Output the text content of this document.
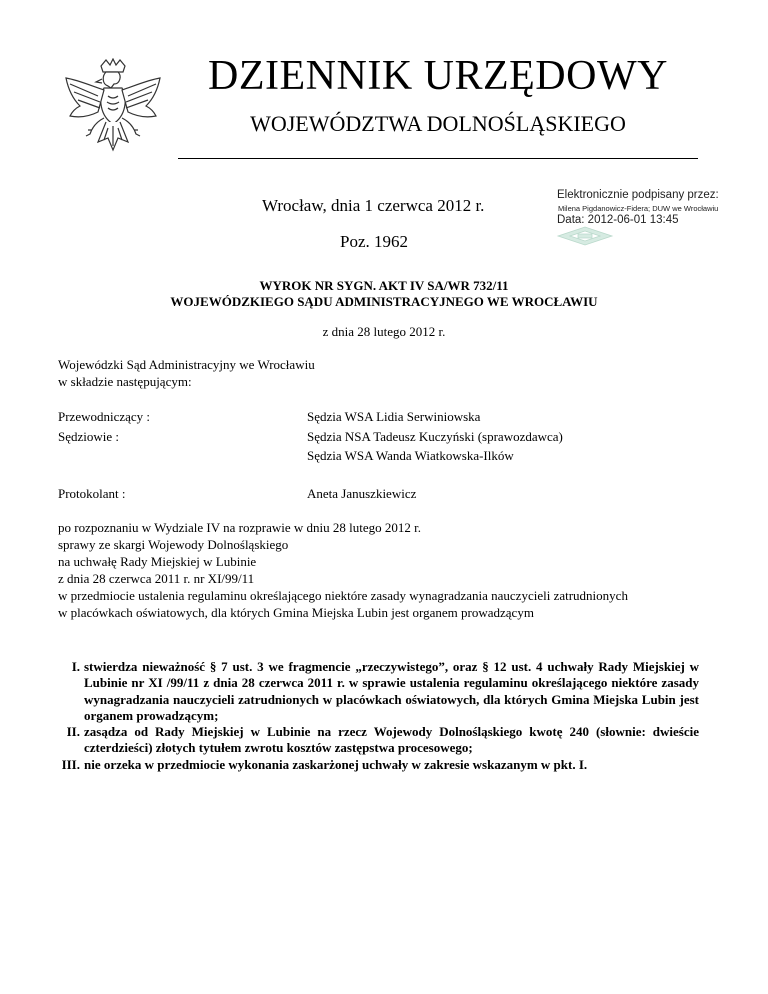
DZIENNIK URZĘDOWY
WOJEWÓDZTWA DOLNOŚLĄSKIEGO
Wrocław, dnia 1 czerwca 2012 r.
Poz. 1962
Elektronicznie podpisany przez:
Milena Pigdanowicz-Fidera; DUW we Wrocławiu
Data: 2012-06-01 13:45
WYROK NR SYGN. AKT IV SA/WR 732/11
WOJEWÓDZKIEGO SĄDU ADMINISTRACYJNEGO WE WROCŁAWIU
z dnia 28 lutego 2012 r.
Wojewódzki Sąd Administracyjny we Wrocławiu
w składzie następującym:
Przewodniczący :	Sędzia WSA Lidia Serwiniowska
Sędziowie :	Sędzia NSA Tadeusz Kuczyński (sprawozdawca)
Sędzia WSA Wanda Wiatkowska-Ilków
Protokolant :	Aneta Januszkiewicz
po rozpoznaniu w Wydziale IV na rozprawie w dniu 28 lutego 2012 r.
sprawy ze skargi Wojewody Dolnośląskiego
na uchwałę Rady Miejskiej w Lubinie
z dnia 28 czerwca 2011 r. nr XI/99/11
w przedmiocie ustalenia regulaminu określającego niektóre zasady wynagradzania nauczycieli zatrudnionych
w placówkach oświatowych, dla których Gmina Miejska Lubin jest organem prowadzącym
I. stwierdza nieważność § 7 ust. 3 we fragmencie „rzeczywistego”, oraz § 12 ust. 4 uchwały Rady Miejskiej w Lubinie nr XI /99/11 z dnia 28 czerwca 2011 r. w sprawie ustalenia regulaminu określającego niektóre zasady wynagradzania nauczycieli zatrudnionych w placówkach oświatowych, dla których Gmina Miejska Lubin jest organem prowadzącym;
II. zasądza od Rady Miejskiej w Lubinie na rzecz Wojewody Dolnośląskiego kwotę 240 (słownie: dwieście czterdzieści) złotych tytułem zwrotu kosztów zastępstwa procesowego;
III. nie orzeka w przedmiocie wykonania zaskarżonej uchwały w zakresie wskazanym w pkt. I.
